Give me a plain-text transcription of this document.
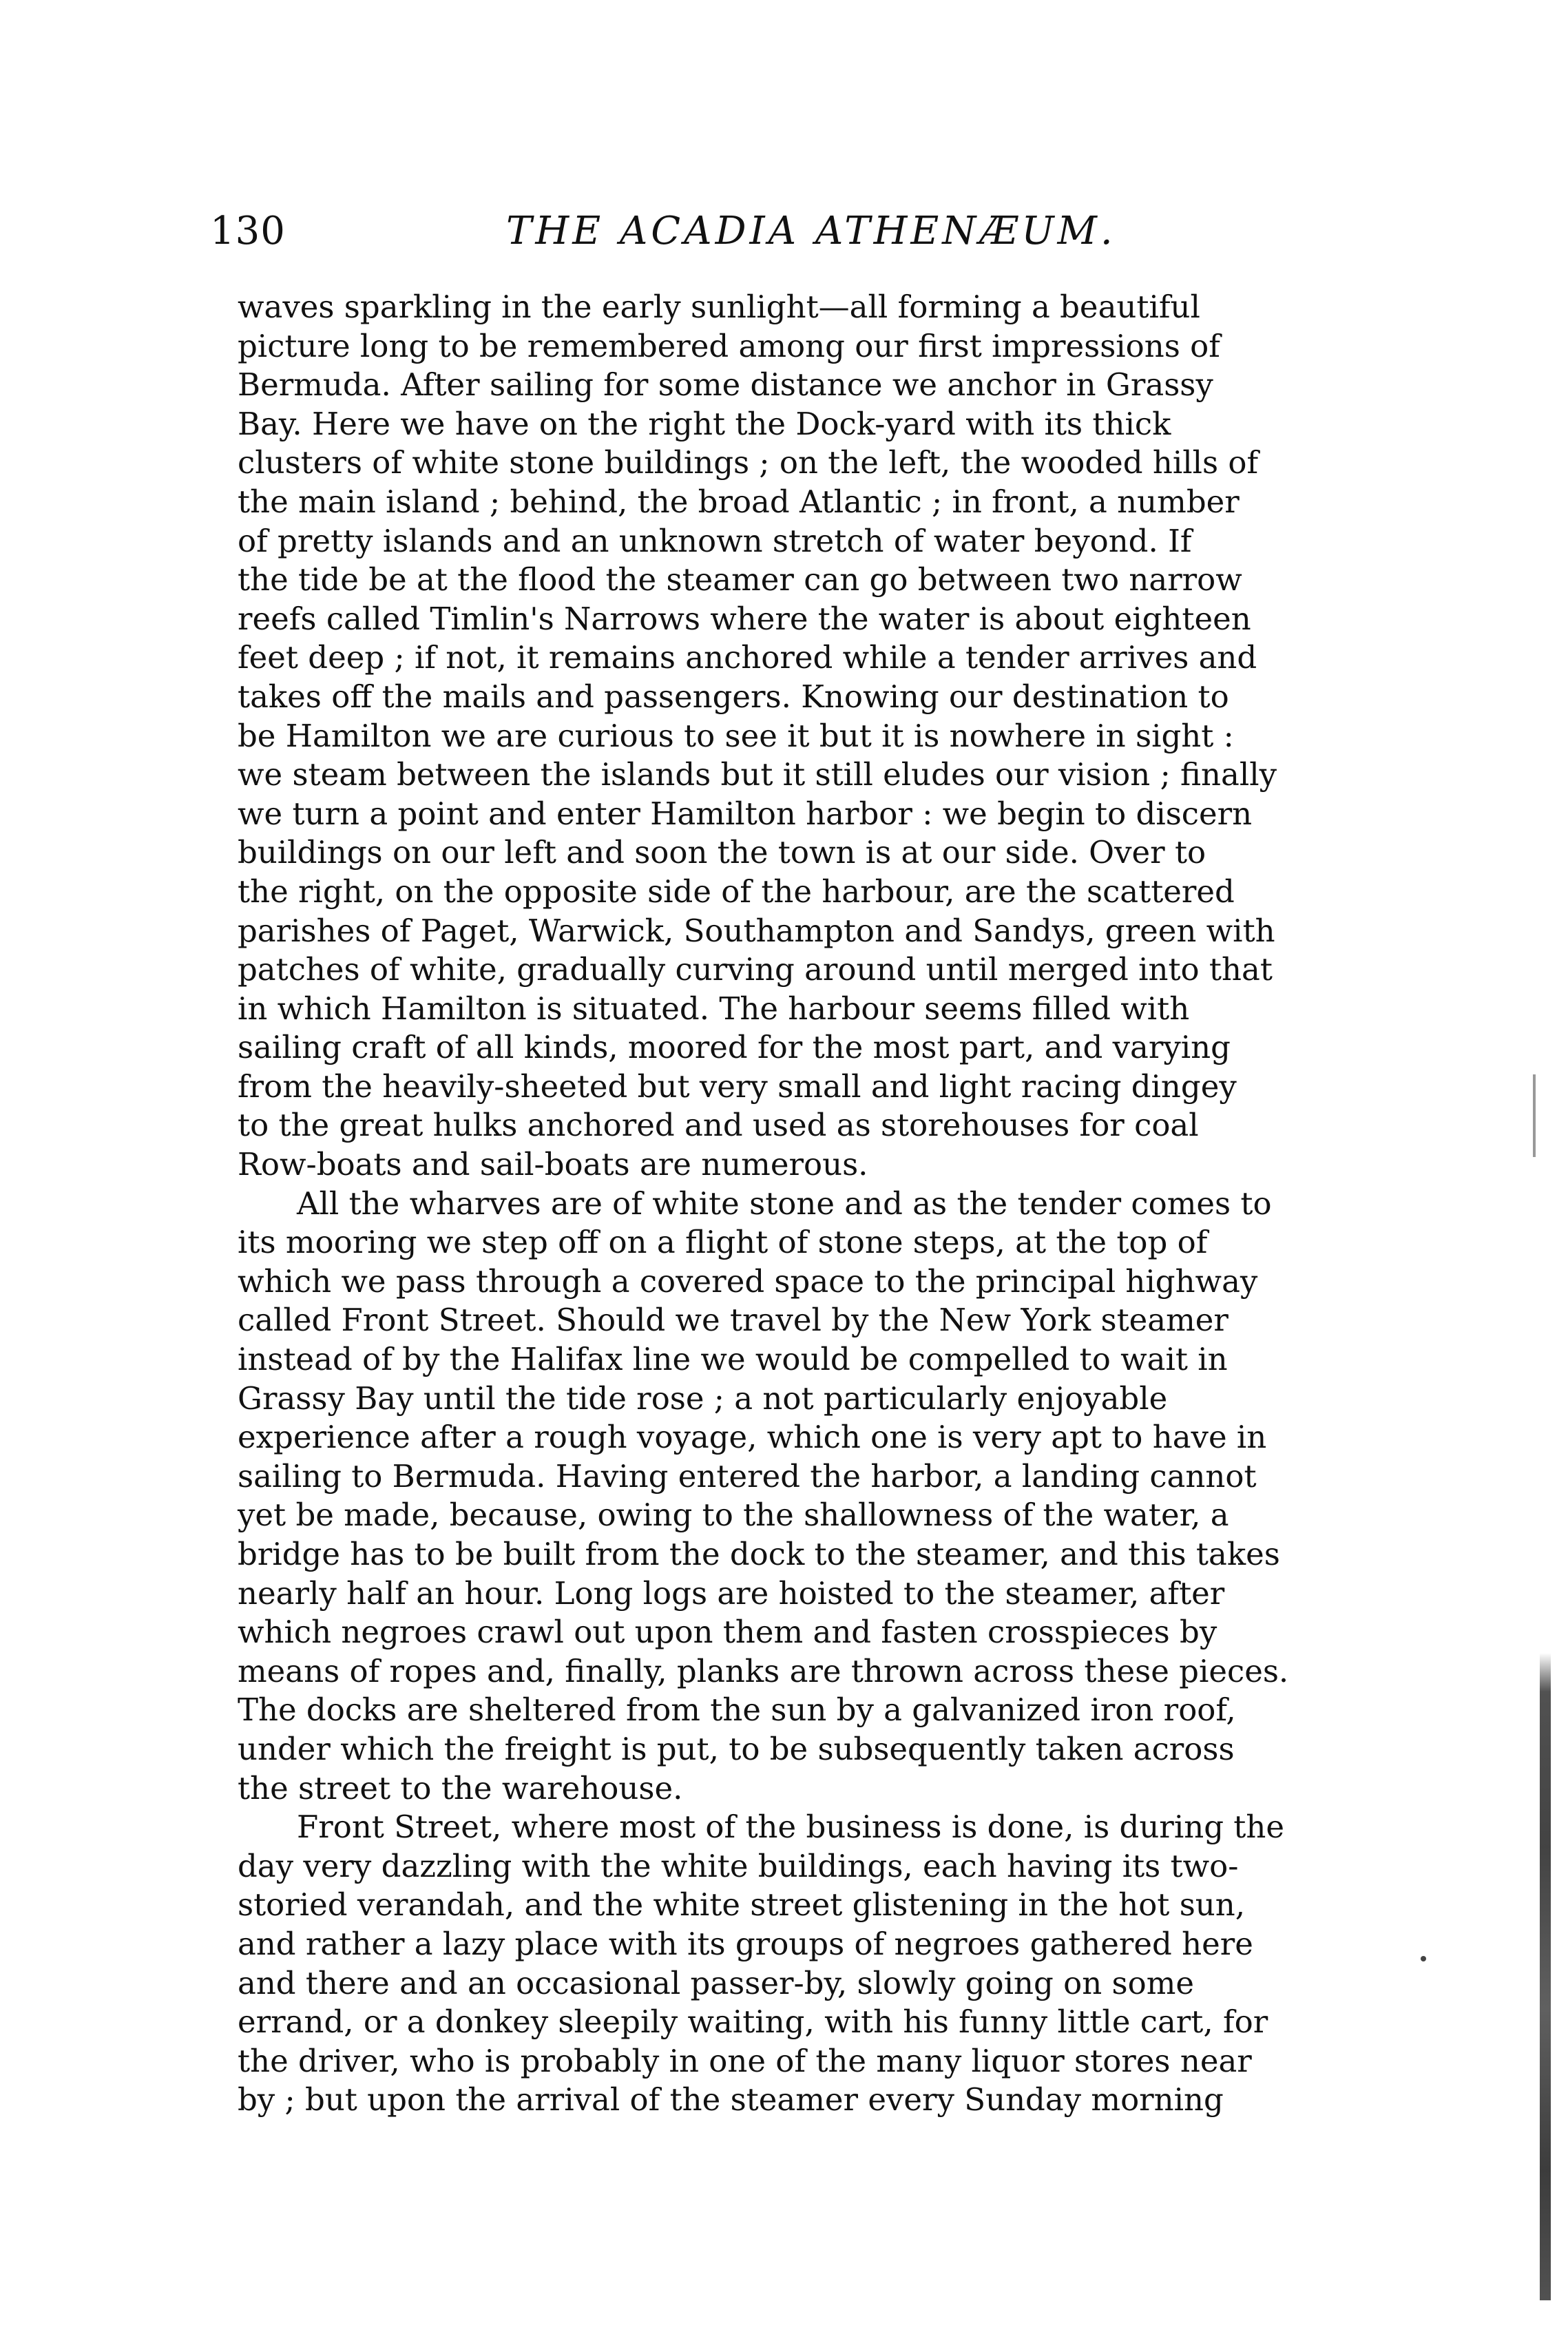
130	THE ACADIA ATHENÆUM.
waves sparkling in the early sunlight—all forming a beautiful
picture long to be remembered among our first impressions of
Bermuda. After sailing for some distance we anchor in Grassy
Bay. Here we have on the right the Dock-yard with its thick
clusters of white stone buildings ; on the left, the wooded hills of
the main island ; behind, the broad Atlantic ; in front, a number
of pretty islands and an unknown stretch of water beyond. If
the tide be at the flood the steamer can go between two narrow
reefs called Timlin's Narrows where the water is about eighteen
feet deep ; if not, it remains anchored while a tender arrives and
takes off the mails and passengers. Knowing our destination to
be Hamilton we are curious to see it but it is nowhere in sight :
we steam between the islands but it still eludes our vision ; finally
we turn a point and enter Hamilton harbor : we begin to discern
buildings on our left and soon the town is at our side. Over to
the right, on the opposite side of the harbour, are the scattered
parishes of Paget, Warwick, Southampton and Sandys, green with
patches of white, gradually curving around until merged into that
in which Hamilton is situated. The harbour seems filled with
sailing craft of all kinds, moored for the most part, and varying
from the heavily-sheeted but very small and light racing dingey
to the great hulks anchored and used as storehouses for coal
Row-boats and sail-boats are numerous.
All the wharves are of white stone and as the tender comes to
its mooring we step off on a flight of stone steps, at the top of
which we pass through a covered space to the principal highway
called Front Street. Should we travel by the New York steamer
instead of by the Halifax line we would be compelled to wait in
Grassy Bay until the tide rose ; a not particularly enjoyable
experience after a rough voyage, which one is very apt to have in
sailing to Bermuda. Having entered the harbor, a landing cannot
yet be made, because, owing to the shallowness of the water, a
bridge has to be built from the dock to the steamer, and this takes
nearly half an hour. Long logs are hoisted to the steamer, after
which negroes crawl out upon them and fasten crosspieces by
means of ropes and, finally, planks are thrown across these pieces.
The docks are sheltered from the sun by a galvanized iron roof,
under which the freight is put, to be subsequently taken across
the street to the warehouse.
Front Street, where most of the business is done, is during the
day very dazzling with the white buildings, each having its two-
storied verandah, and the white street glistening in the hot sun,
and rather a lazy place with its groups of negroes gathered here
and there and an occasional passer-by, slowly going on some
errand, or a donkey sleepily waiting, with his funny little cart, for
the driver, who is probably in one of the many liquor stores near
by ; but upon the arrival of the steamer every Sunday morning
